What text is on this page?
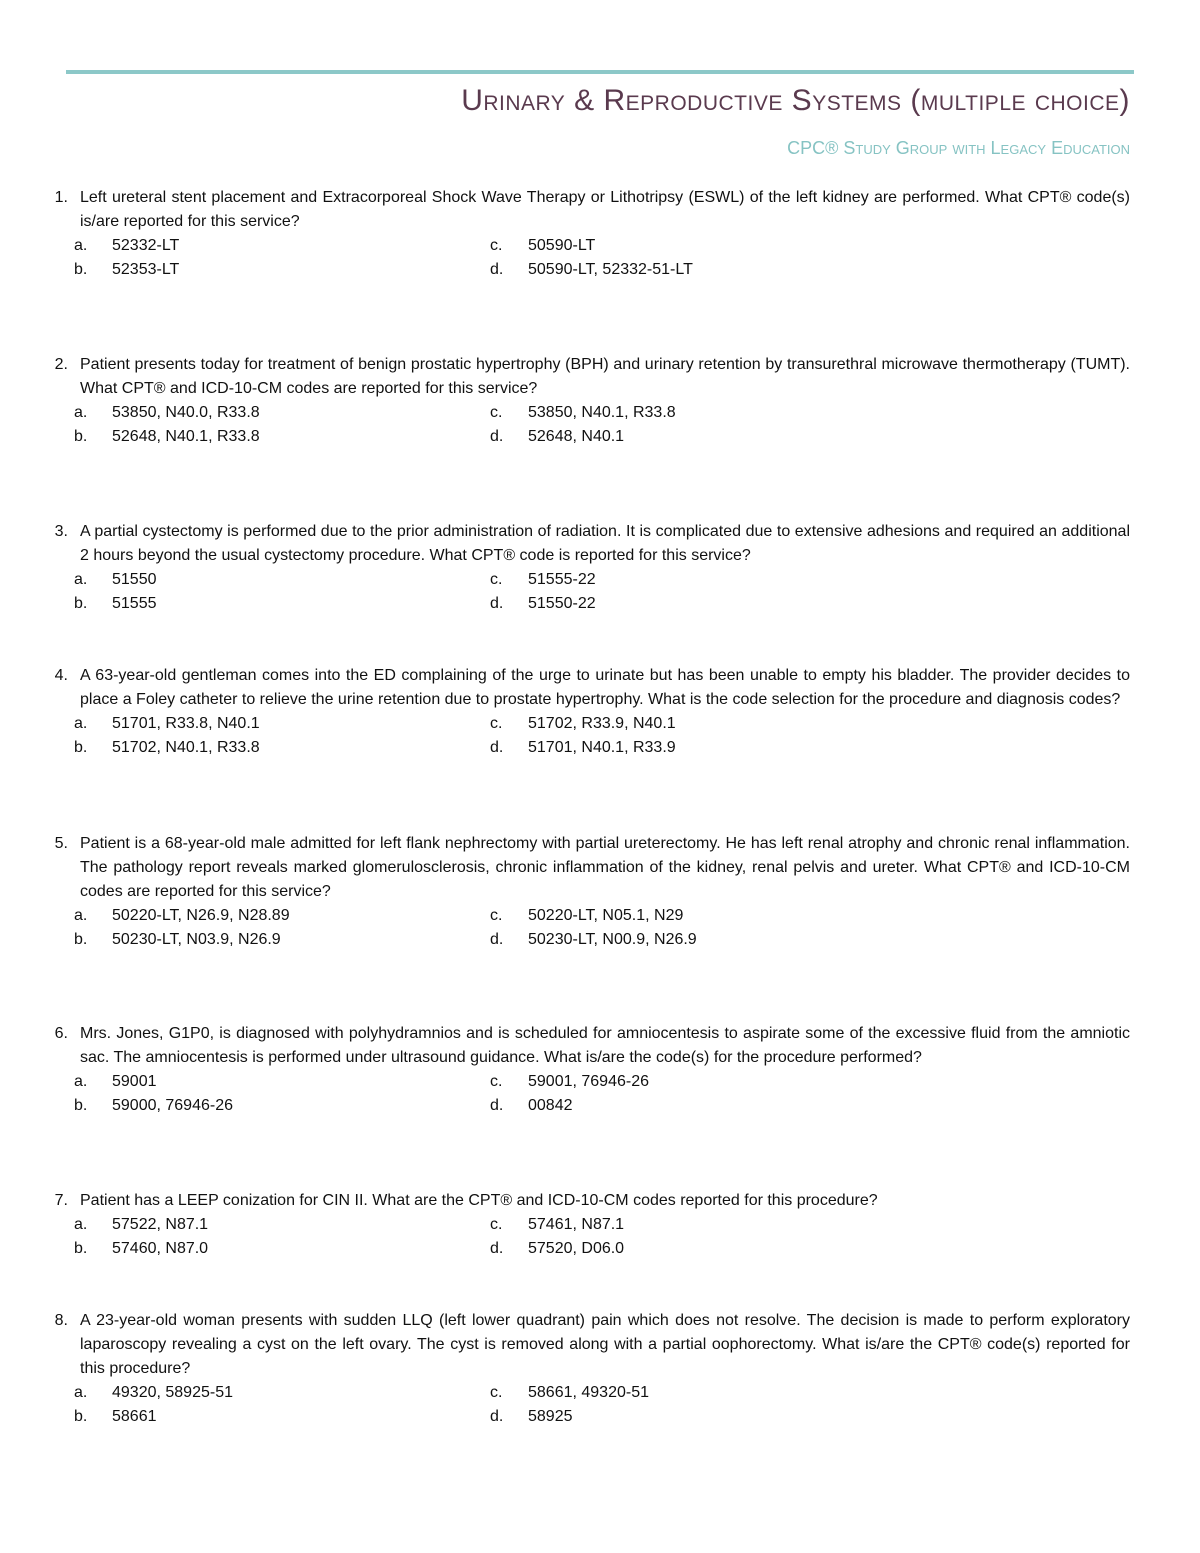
Urinary & Reproductive Systems (multiple choice)
CPC® Study Group with Legacy Education
1. Left ureteral stent placement and Extracorporeal Shock Wave Therapy or Lithotripsy (ESWL) of the left kidney are performed. What CPT® code(s) is/are reported for this service?
a.	52332-LT	c.	50590-LT
b.	52353-LT	d.	50590-LT, 52332-51-LT
2. Patient presents today for treatment of benign prostatic hypertrophy (BPH) and urinary retention by transurethral microwave thermotherapy (TUMT). What CPT® and ICD-10-CM codes are reported for this service?
a.	53850, N40.0, R33.8	c.	53850, N40.1, R33.8
b.	52648, N40.1, R33.8	d.	52648, N40.1
3. A partial cystectomy is performed due to the prior administration of radiation. It is complicated due to extensive adhesions and required an additional 2 hours beyond the usual cystectomy procedure. What CPT® code is reported for this service?
a.	51550	c.	51555-22
b.	51555	d.	51550-22
4. A 63-year-old gentleman comes into the ED complaining of the urge to urinate but has been unable to empty his bladder. The provider decides to place a Foley catheter to relieve the urine retention due to prostate hypertrophy. What is the code selection for the procedure and diagnosis codes?
a.	51701, R33.8, N40.1	c.	51702, R33.9, N40.1
b.	51702, N40.1, R33.8	d.	51701, N40.1, R33.9
5. Patient is a 68-year-old male admitted for left flank nephrectomy with partial ureterectomy. He has left renal atrophy and chronic renal inflammation. The pathology report reveals marked glomerulosclerosis, chronic inflammation of the kidney, renal pelvis and ureter. What CPT® and ICD-10-CM codes are reported for this service?
a.	50220-LT, N26.9, N28.89	c.	50220-LT, N05.1, N29
b.	50230-LT, N03.9, N26.9	d.	50230-LT, N00.9, N26.9
6. Mrs. Jones, G1P0, is diagnosed with polyhydramnios and is scheduled for amniocentesis to aspirate some of the excessive fluid from the amniotic sac. The amniocentesis is performed under ultrasound guidance. What is/are the code(s) for the procedure performed?
a.	59001	c.	59001, 76946-26
b.	59000, 76946-26	d.	00842
7. Patient has a LEEP conization for CIN II. What are the CPT® and ICD-10-CM codes reported for this procedure?
a.	57522, N87.1	c.	57461, N87.1
b.	57460, N87.0	d.	57520, D06.0
8. A 23-year-old woman presents with sudden LLQ (left lower quadrant) pain which does not resolve. The decision is made to perform exploratory laparoscopy revealing a cyst on the left ovary. The cyst is removed along with a partial oophorectomy. What is/are the CPT® code(s) reported for this procedure?
a.	49320, 58925-51	c.	58661, 49320-51
b.	58661	d.	58925
